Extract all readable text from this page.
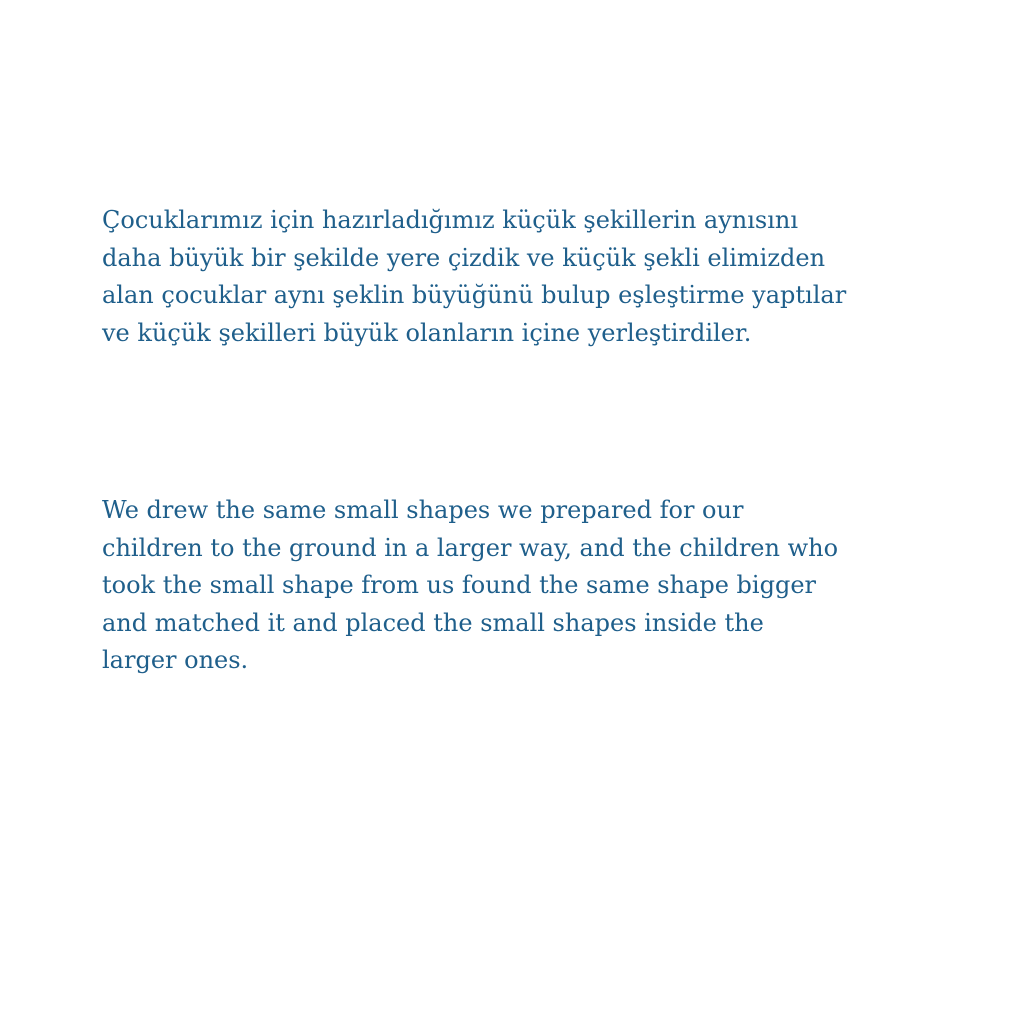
Çocuklarımız için hazırladığımız küçük şekillerin aynısını
daha büyük bir şekilde yere çizdik ve küçük şekli elimizden
alan çocuklar aynı şeklin büyüğünü bulup eşleştirme yaptılar
ve küçük şekilleri büyük olanların içine yerleştirdiler.

We drew the same small shapes we prepared for our
children to the ground in a larger way, and the children who
took the small shape from us found the same shape bigger
and matched it and placed the small shapes inside the
larger ones.
